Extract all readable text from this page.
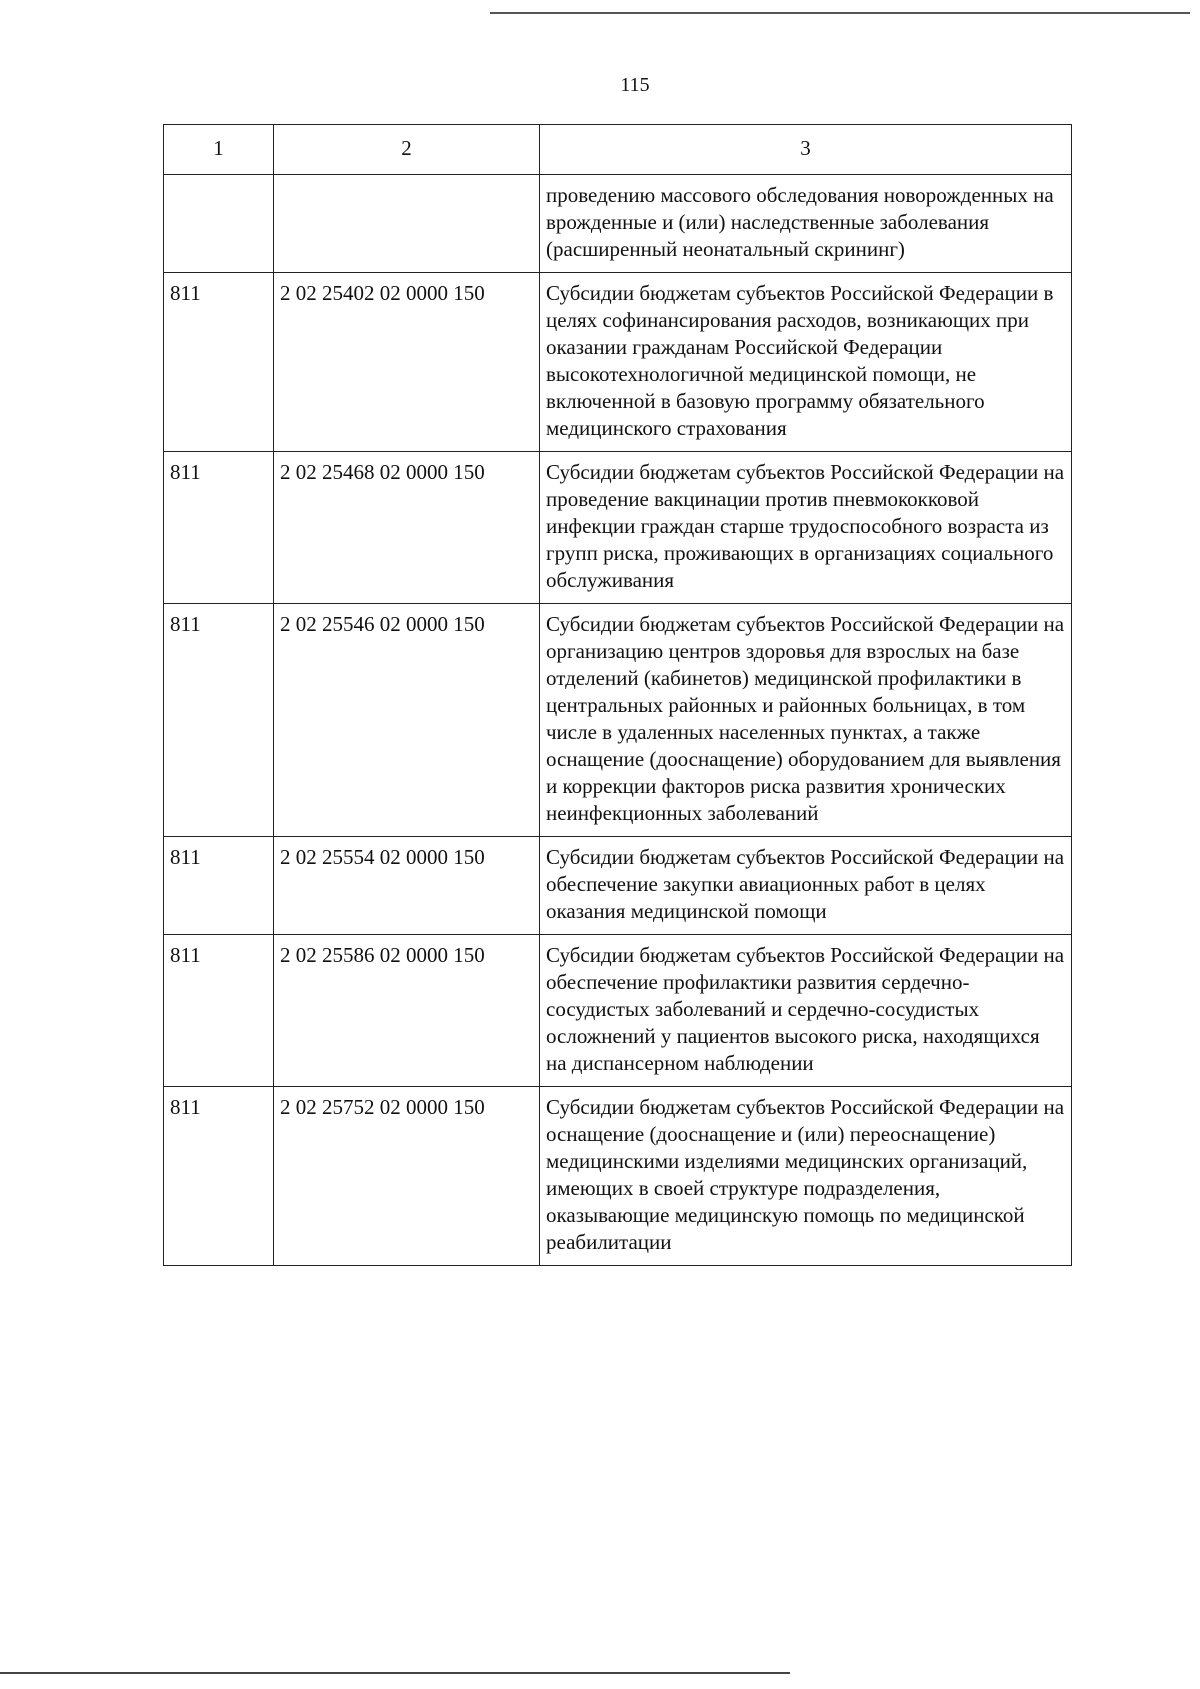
115
1	2	3
		проведению массового обследования новорожденных на врожденные и (или) наследственные заболевания (расширенный неонатальный скрининг)
811	2 02 25402 02 0000 150	Субсидии бюджетам субъектов Российской Федерации в целях софинансирования расходов, возникающих при оказании гражданам Российской Федерации высокотехнологичной медицинской помощи, не включенной в базовую программу обязательного медицинского страхования
811	2 02 25468 02 0000 150	Субсидии бюджетам субъектов Российской Федерации на проведение вакцинации против пневмококковой инфекции граждан старше трудоспособного возраста из групп риска, проживающих в организациях социального обслуживания
811	2 02 25546 02 0000 150	Субсидии бюджетам субъектов Российской Федерации на организацию центров здоровья для взрослых на базе отделений (кабинетов) медицинской профилактики в центральных районных и районных больницах, в том числе в удаленных населенных пунктах, а также оснащение (дооснащение) оборудованием для выявления и коррекции факторов риска развития хронических неинфекционных заболеваний
811	2 02 25554 02 0000 150	Субсидии бюджетам субъектов Российской Федерации на обеспечение закупки авиационных работ в целях оказания медицинской помощи
811	2 02 25586 02 0000 150	Субсидии бюджетам субъектов Российской Федерации на обеспечение профилактики развития сердечно-сосудистых заболеваний и сердечно-сосудистых осложнений у пациентов высокого риска, находящихся на диспансерном наблюдении
811	2 02 25752 02 0000 150	Субсидии бюджетам субъектов Российской Федерации на оснащение (дооснащение и (или) переоснащение) медицинскими изделиями медицинских организаций, имеющих в своей структуре подразделения, оказывающие медицинскую помощь по медицинской реабилитации
